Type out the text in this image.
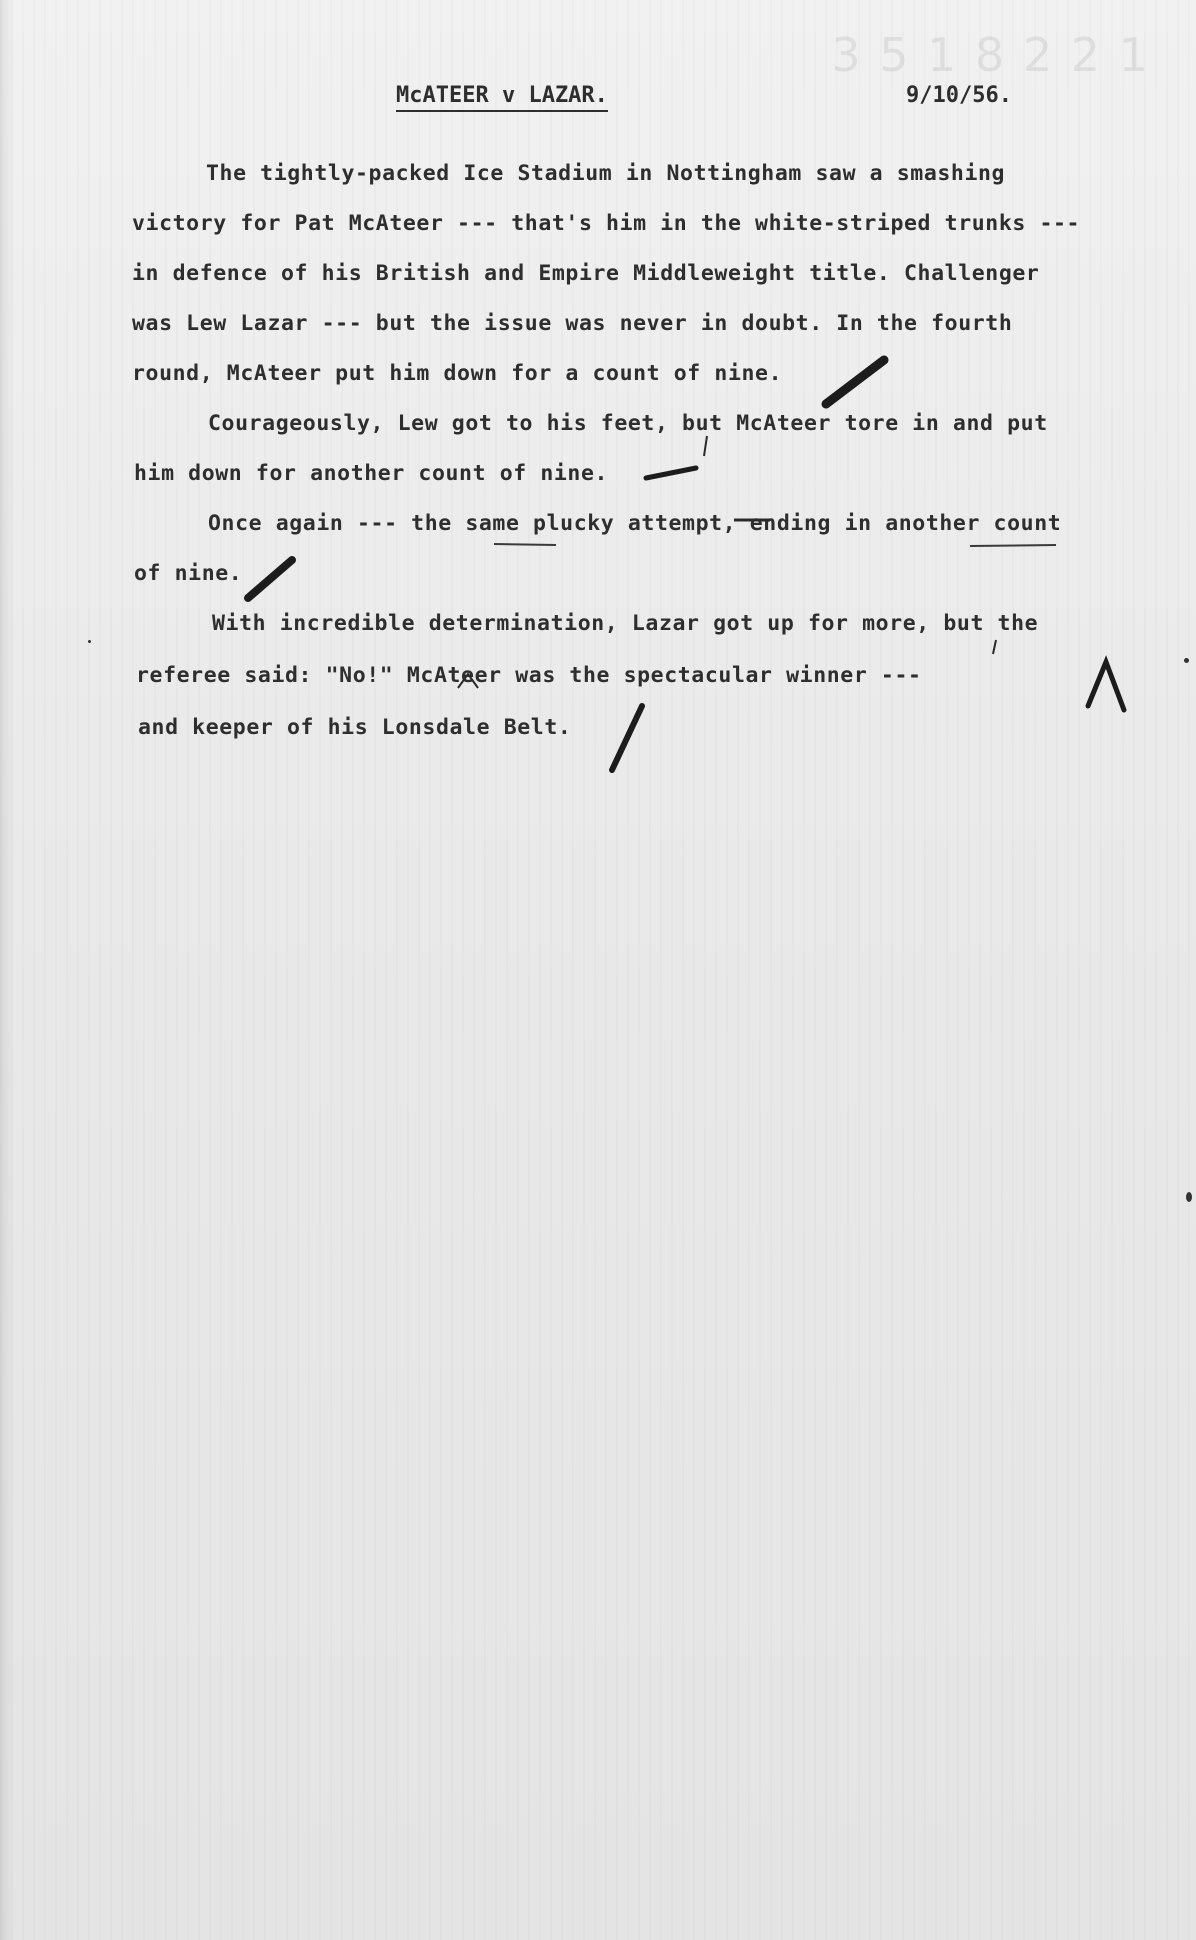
3 5 1 8 2 2 1
McATEER v LAZAR.	9/10/56.
The tightly-packed Ice Stadium in Nottingham saw a smashing
victory for Pat McAteer --- that's him in the white-striped trunks ---
in defence of his British and Empire Middleweight title. Challenger
was Lew Lazar --- but the issue was never in doubt. In the fourth
round, McAteer put him down for a count of nine.
Courageously, Lew got to his feet, but McAteer tore in and put
him down for another count of nine.
Once again --- the same plucky attempt, ending in another count
of nine.
With incredible determination, Lazar got up for more, but the
referee said: "No!" McAteer was the spectacular winner ---
and keeper of his Lonsdale Belt.
